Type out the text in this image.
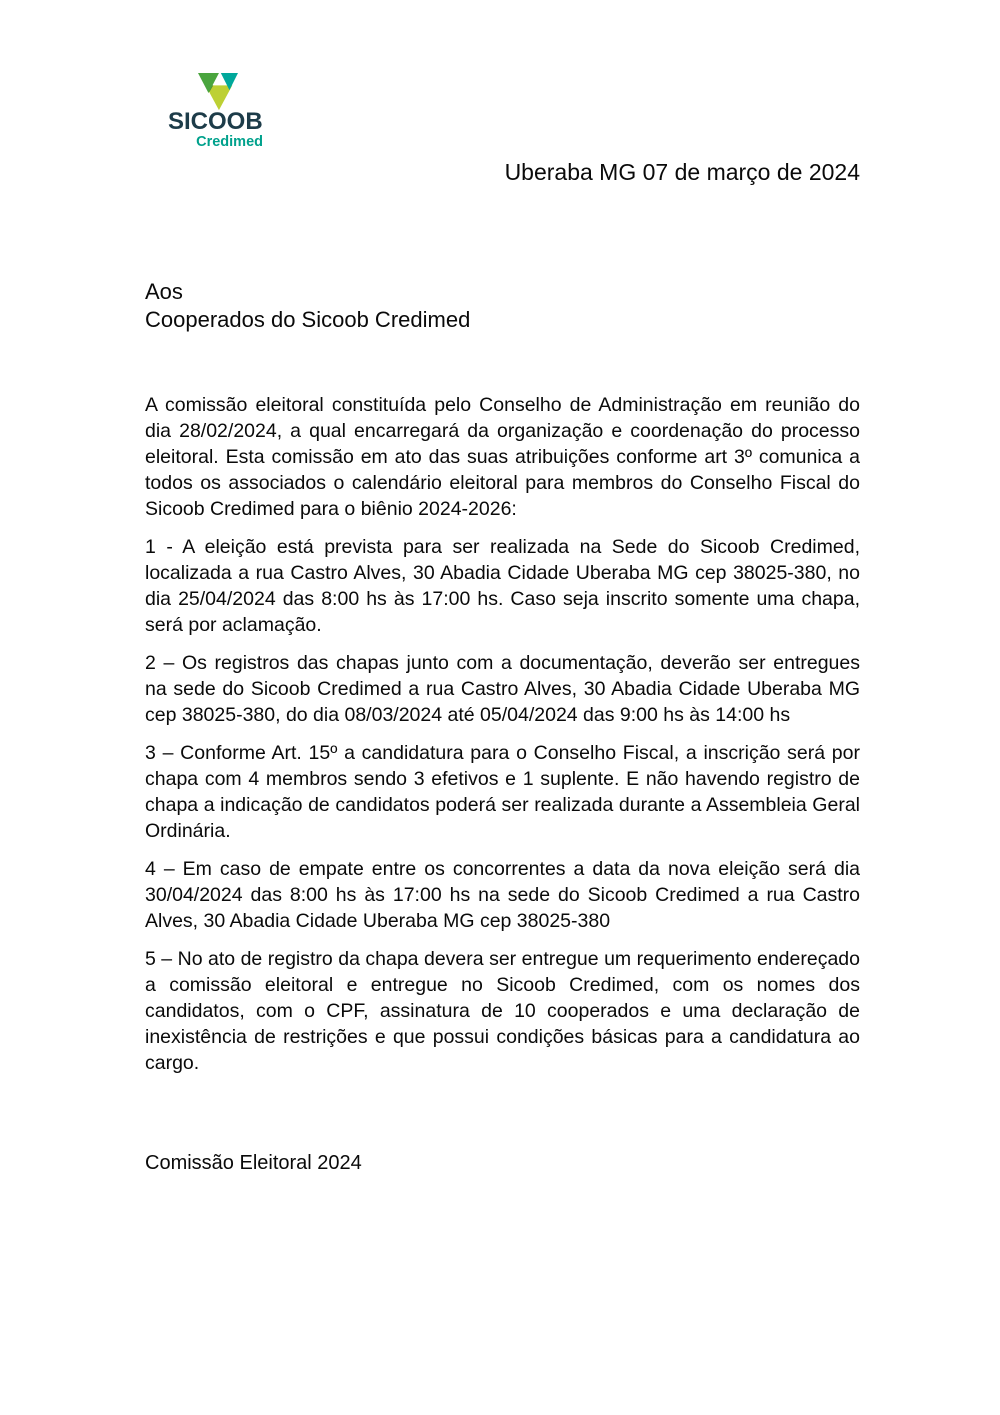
SICOOB
Credimed
Uberaba MG 07 de março de 2024
Aos
Cooperados do Sicoob Credimed

A comissão eleitoral constituída pelo Conselho de Administração em reunião do dia 28/02/2024, a qual encarregará da organização e coordenação do processo eleitoral. Esta comissão em ato das suas atribuições conforme art 3º comunica a todos os associados o calendário eleitoral para membros do Conselho Fiscal do Sicoob Credimed para o biênio 2024-2026:

1 - A eleição está prevista para ser realizada na Sede do Sicoob Credimed, localizada a rua Castro Alves, 30 Abadia Cidade Uberaba MG cep 38025-380, no dia 25/04/2024 das 8:00 hs às 17:00 hs. Caso seja inscrito somente uma chapa, será por aclamação.

2 – Os registros das chapas junto com a documentação, deverão ser entregues na sede do Sicoob Credimed a rua Castro Alves, 30 Abadia Cidade Uberaba MG cep 38025-380, do dia 08/03/2024 até 05/04/2024 das 9:00 hs às 14:00 hs

3 – Conforme Art. 15º a candidatura para o Conselho Fiscal, a inscrição será por chapa com 4 membros sendo 3 efetivos e 1 suplente. E não havendo registro de chapa a indicação de candidatos poderá ser realizada durante a Assembleia Geral Ordinária.

4 – Em caso de empate entre os concorrentes a data da nova eleição será dia 30/04/2024 das 8:00 hs às 17:00 hs na sede do Sicoob Credimed a rua Castro Alves, 30 Abadia Cidade Uberaba MG cep 38025-380

5 – No ato de registro da chapa devera ser entregue um requerimento endereçado a comissão eleitoral e entregue no Sicoob Credimed, com os nomes dos candidatos, com o CPF, assinatura de 10 cooperados e uma declaração de inexistência de restrições e que possui condições básicas para a candidatura ao cargo.

Comissão Eleitoral 2024
